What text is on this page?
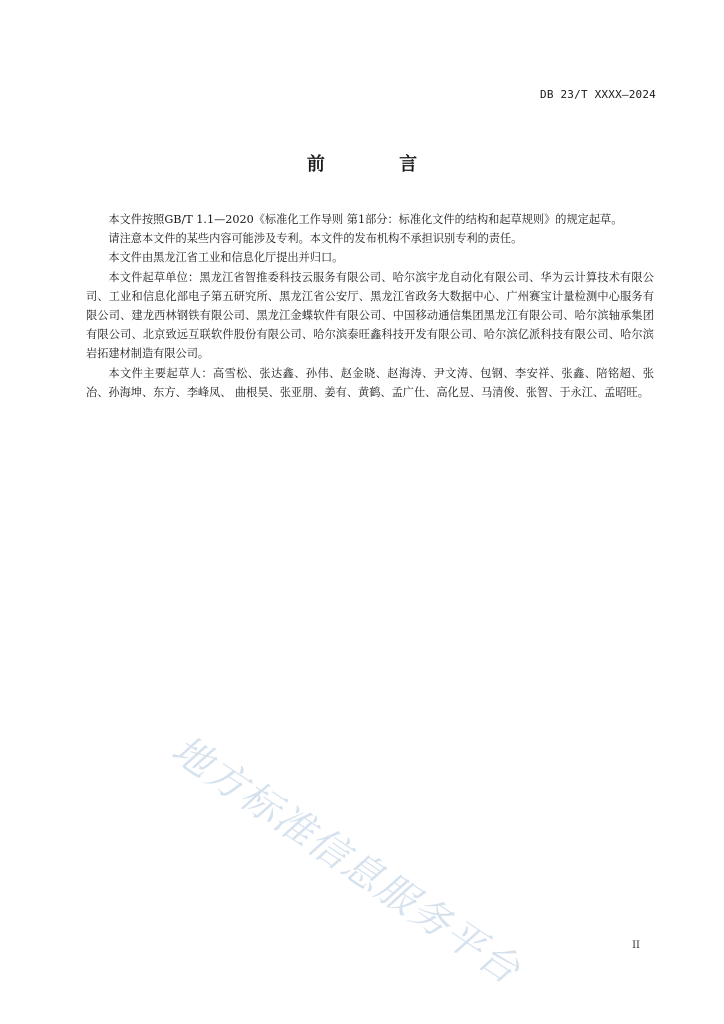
DB 23/T XXXX—2024
前 言

本文件按照GB/T 1.1—2020《标准化工作导则 第1部分：标准化文件的结构和起草规则》的规定起草。

请注意本文件的某些内容可能涉及专利。本文件的发布机构不承担识别专利的责任。

本文件由黑龙江省工业和信息化厅提出并归口。

本文件起草单位：黑龙江省智推委科技云服务有限公司、哈尔滨宇龙自动化有限公司、华为云计算技术有限公司、工业和信息化部电子第五研究所、黑龙江省公安厅、黑龙江省政务大数据中心、广州赛宝计量检测中心服务有限公司、建龙西林钢铁有限公司、黑龙江金蝶软件有限公司、中国移动通信集团黑龙江有限公司、哈尔滨轴承集团有限公司、北京致远互联软件股份有限公司、哈尔滨泰旺鑫科技开发有限公司、哈尔滨亿派科技有限公司、哈尔滨岩拓建材制造有限公司。

本文件主要起草人：高雪松、张达鑫、孙伟、赵金晓、赵海涛、尹文涛、包钢、李安祥、张鑫、陪铭超、张冶、孙海坤、东方、李峰凤、 曲根昊、张亚朋、姜有、黄鹤、孟广仕、高化昱、马清俊、张智、于永江、孟昭旺。

地方标准信息服务平台	II
